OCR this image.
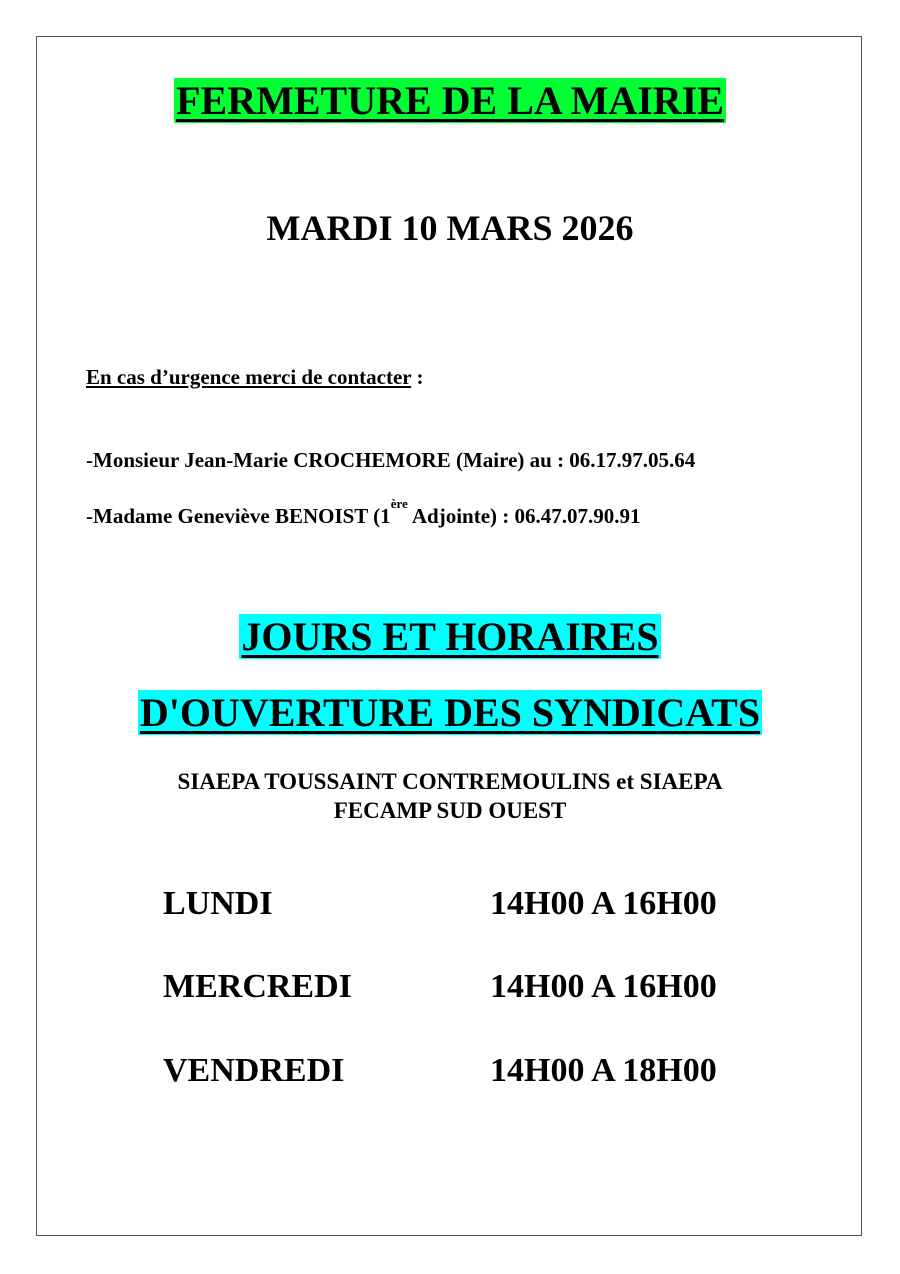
FERMETURE DE LA MAIRIE
MARDI 10 MARS 2026
En cas d’urgence merci de contacter :
-Monsieur Jean-Marie CROCHEMORE (Maire) au : 06.17.97.05.64
-Madame Geneviève BENOIST (1ère Adjointe) : 06.47.07.90.91
JOURS ET HORAIRES
D'OUVERTURE DES SYNDICATS
SIAEPA TOUSSAINT CONTREMOULINS et SIAEPA
FECAMP SUD OUEST
LUNDI	14H00 A 16H00
MERCREDI	14H00 A 16H00
VENDREDI	14H00 A 18H00
